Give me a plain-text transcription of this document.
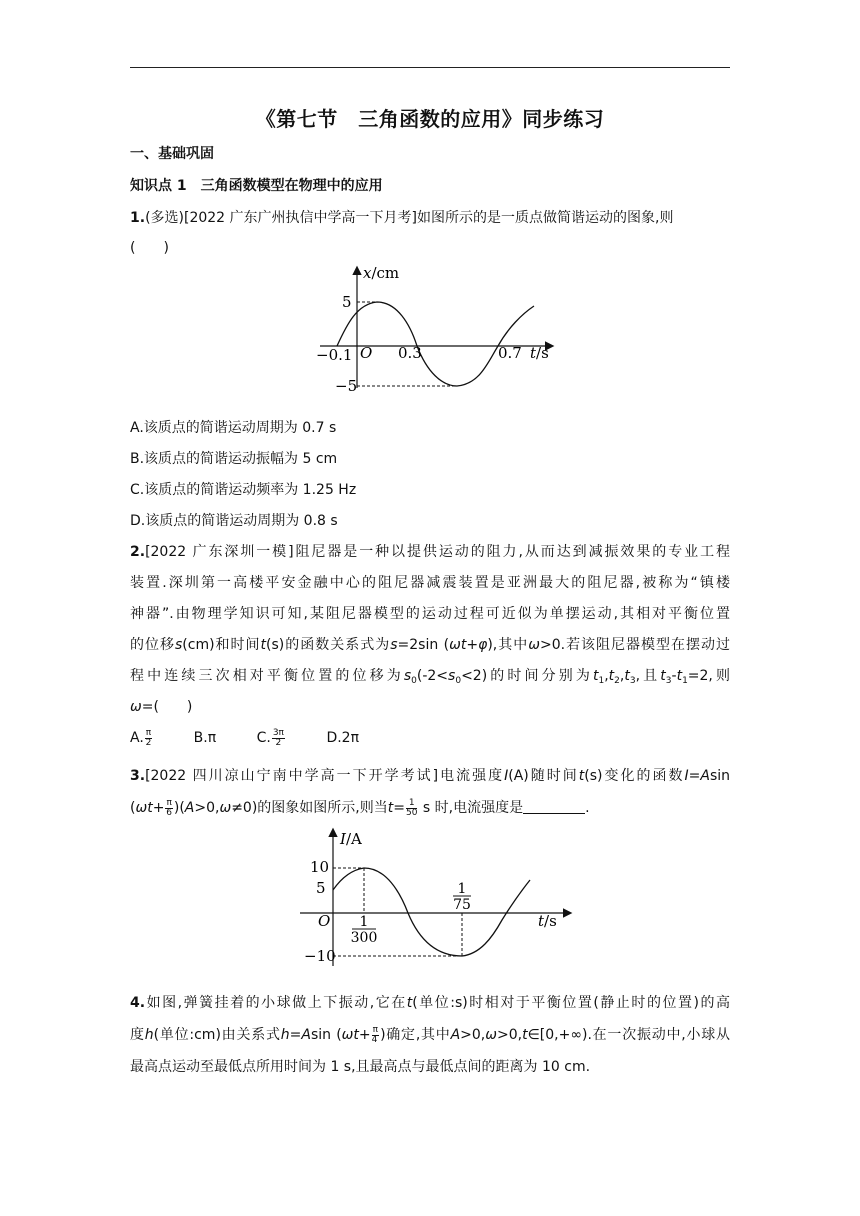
《第七节　三角函数的应用》同步练习
一、基础巩固
知识点 1　三角函数模型在物理中的应用
1.(多选)[2022 广东广州执信中学高一下月考]如图所示的是一质点做简谐运动的图象,则
(　　)
x/cm
5
−5
−0.1 O 0.3	0.7 t/s
A.该质点的简谐运动周期为 0.7 s
B.该质点的简谐运动振幅为 5 cm
C.该质点的简谐运动频率为 1.25 Hz
D.该质点的简谐运动周期为 0.8 s
2.[2022 广东深圳一模]阻尼器是一种以提供运动的阻力,从而达到减振效果的专业工程
装置.深圳第一高楼平安金融中心的阻尼器减震装置是亚洲最大的阻尼器,被称为“镇楼
神器”.由物理学知识可知,某阻尼器模型的运动过程可近似为单摆运动,其相对平衡位置
的位移s(cm)和时间t(s)的函数关系式为s=2sin (ωt+φ),其中ω>0.若该阻尼器模型在摆动过
程中连续三次相对平衡位置的位移为$s_0(-2<s_0<2)$的时间分别为$t_1,t_2,t_3$,且$t_3-t_1=2$,则
ω=(　　)
A. $\frac{\pi}{2}$	B.π	C. $\frac{3\pi}{2}$	D.2π
3.[2022 四川凉山宁南中学高一下开学考试]电流强度I(A)随时间t(s)变化的函数I=Asin
$(\omega t+ \frac{\pi}{6} )(A>0,\omega\ne 0)$的图象如图所示,则当$t= \frac{1}{50}$ s 时,电流强度是	.
I/A
10
5
−10
O 1
300
1
75
t/s
4.如图,弹簧挂着的小球做上下振动,它在t(单位:s)时相对于平衡位置(静止时的位置)的高
度h(单位:cm)由关系式h=Asin ($\omega t+ \frac{\pi}{4}$ )确定,其中A>0,ω>0,t∈[0,+∞).在一次振动中,小球从
最高点运动至最低点所用时间为 1 s,且最高点与最低点间的距离为 10 cm.
